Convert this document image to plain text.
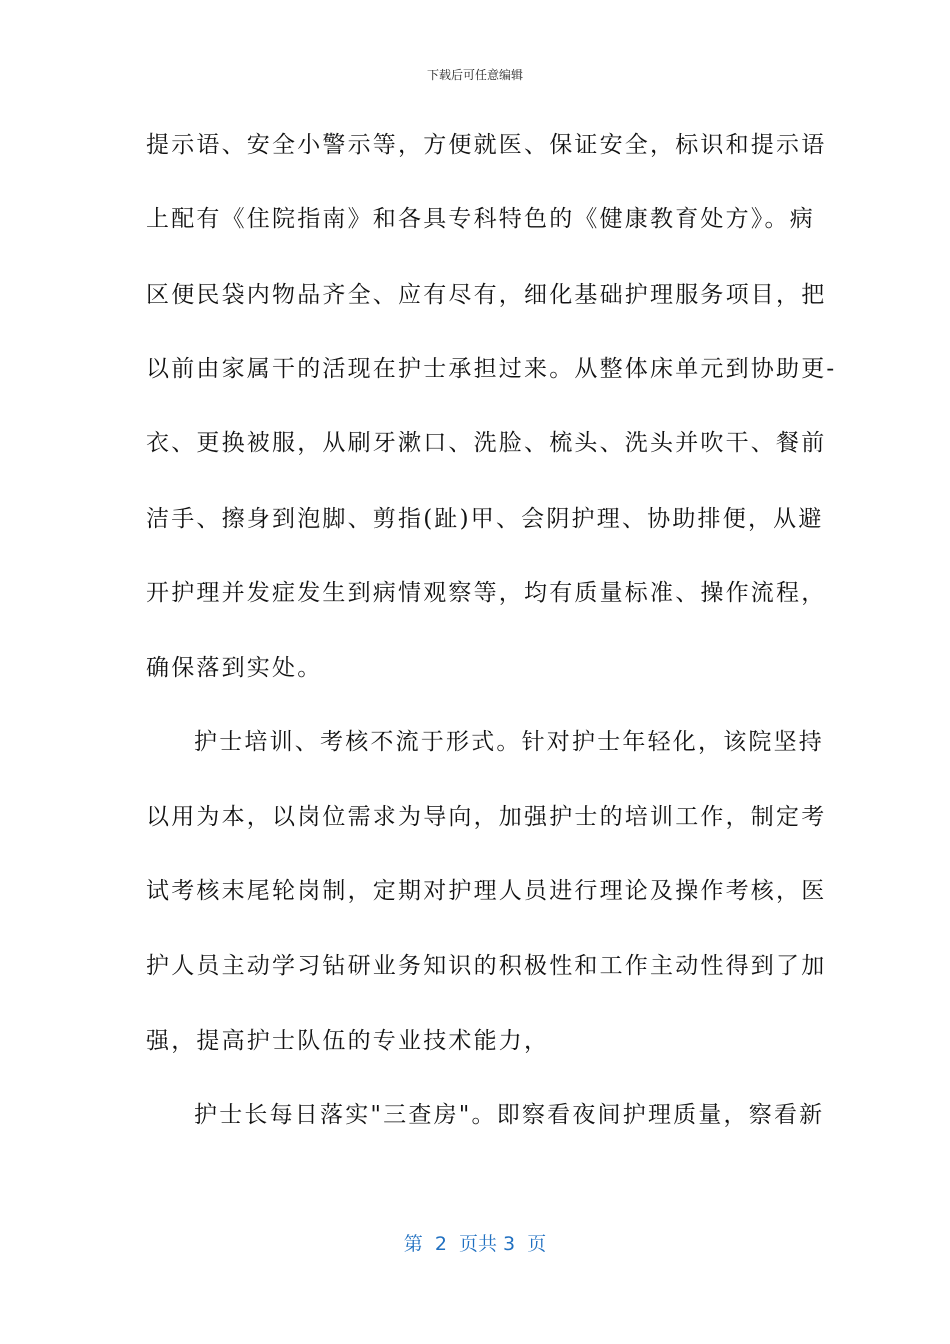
下载后可任意编辑
提示语、安全小警示等，方便就医、保证安全，标识和提示语
上配有《住院指南》和各具专科特色的《健康教育处方》。病
区便民袋内物品齐全、应有尽有，细化基础护理服务项目，把
以前由家属干的活现在护士承担过来。从整体床单元到协助更-
衣、更换被服，从刷牙漱口、洗脸、梳头、洗头并吹干、餐前
洁手、擦身到泡脚、剪指(趾)甲、会阴护理、协助排便，从避
开护理并发症发生到病情观察等，均有质量标准、操作流程，
确保落到实处。
护士培训、考核不流于形式。针对护士年轻化，该院坚持
以用为本，以岗位需求为导向，加强护士的培训工作，制定考
试考核末尾轮岗制，定期对护理人员进行理论及操作考核，医
护人员主动学习钻研业务知识的积极性和工作主动性得到了加
强，提高护士队伍的专业技术能力，
护士长每日落实"三查房"。即察看夜间护理质量，察看新
第  2  页共 3  页
